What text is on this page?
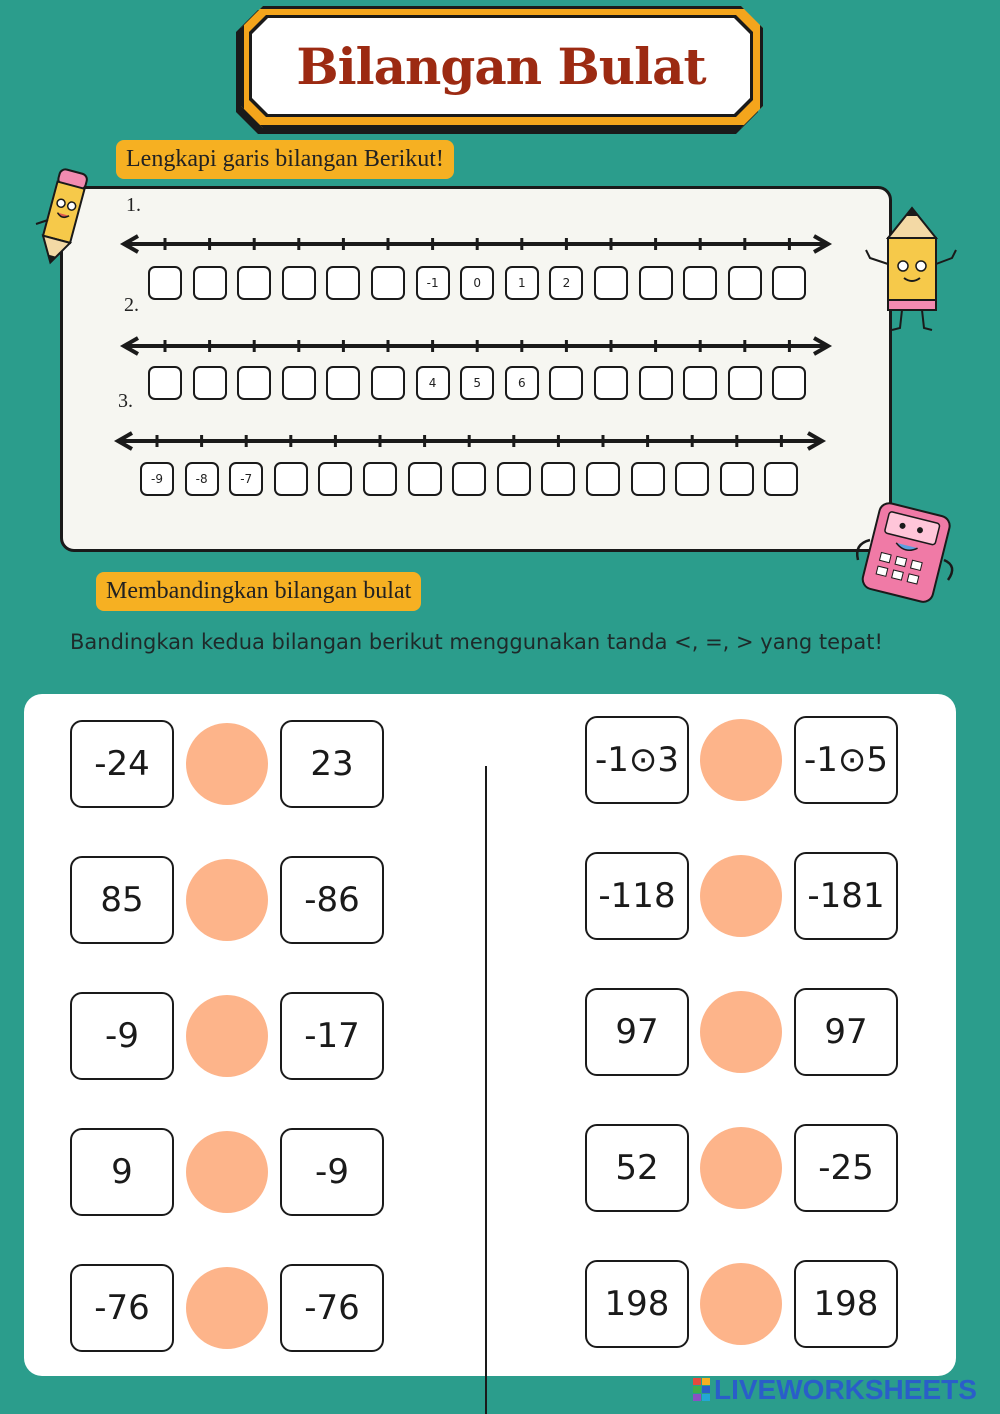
Bilangan Bulat
Lengkapi garis bilangan Berikut!
1.
-1	0	1	2
2.
4	5	6
3.
-9	-8	-7
Membandingkan bilangan bulat
Bandingkan kedua bilangan berikut menggunakan tanda <, =, > yang tepat!
-24	23
85	-86
-9	-17
9	-9
-76	-76
-1⊙3	-1⊙5
-118	-181
97	97
52	-25
198	198
LIVEWORKSHEETS
